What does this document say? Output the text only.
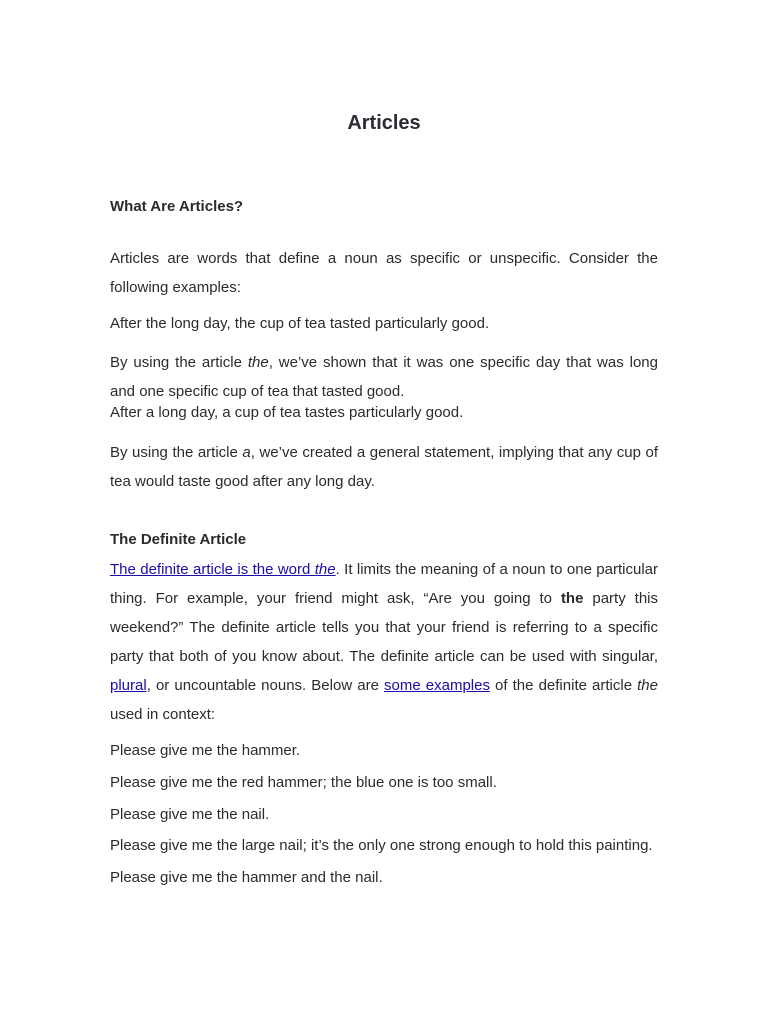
Articles
What Are Articles?
Articles are words that define a noun as specific or unspecific. Consider the following examples:
After the long day, the cup of tea tasted particularly good.
By using the article the, we’ve shown that it was one specific day that was long and one specific cup of tea that tasted good.
After a long day, a cup of tea tastes particularly good.
By using the article a, we’ve created a general statement, implying that any cup of tea would taste good after any long day.
The Definite Article
The definite article is the word the. It limits the meaning of a noun to one particular thing. For example, your friend might ask, “Are you going to the party this weekend?” The definite article tells you that your friend is referring to a specific party that both of you know about. The definite article can be used with singular, plural, or uncountable nouns. Below are some examples of the definite article the used in context:
Please give me the hammer.
Please give me the red hammer; the blue one is too small.
Please give me the nail.
Please give me the large nail; it’s the only one strong enough to hold this painting.
Please give me the hammer and the nail.
